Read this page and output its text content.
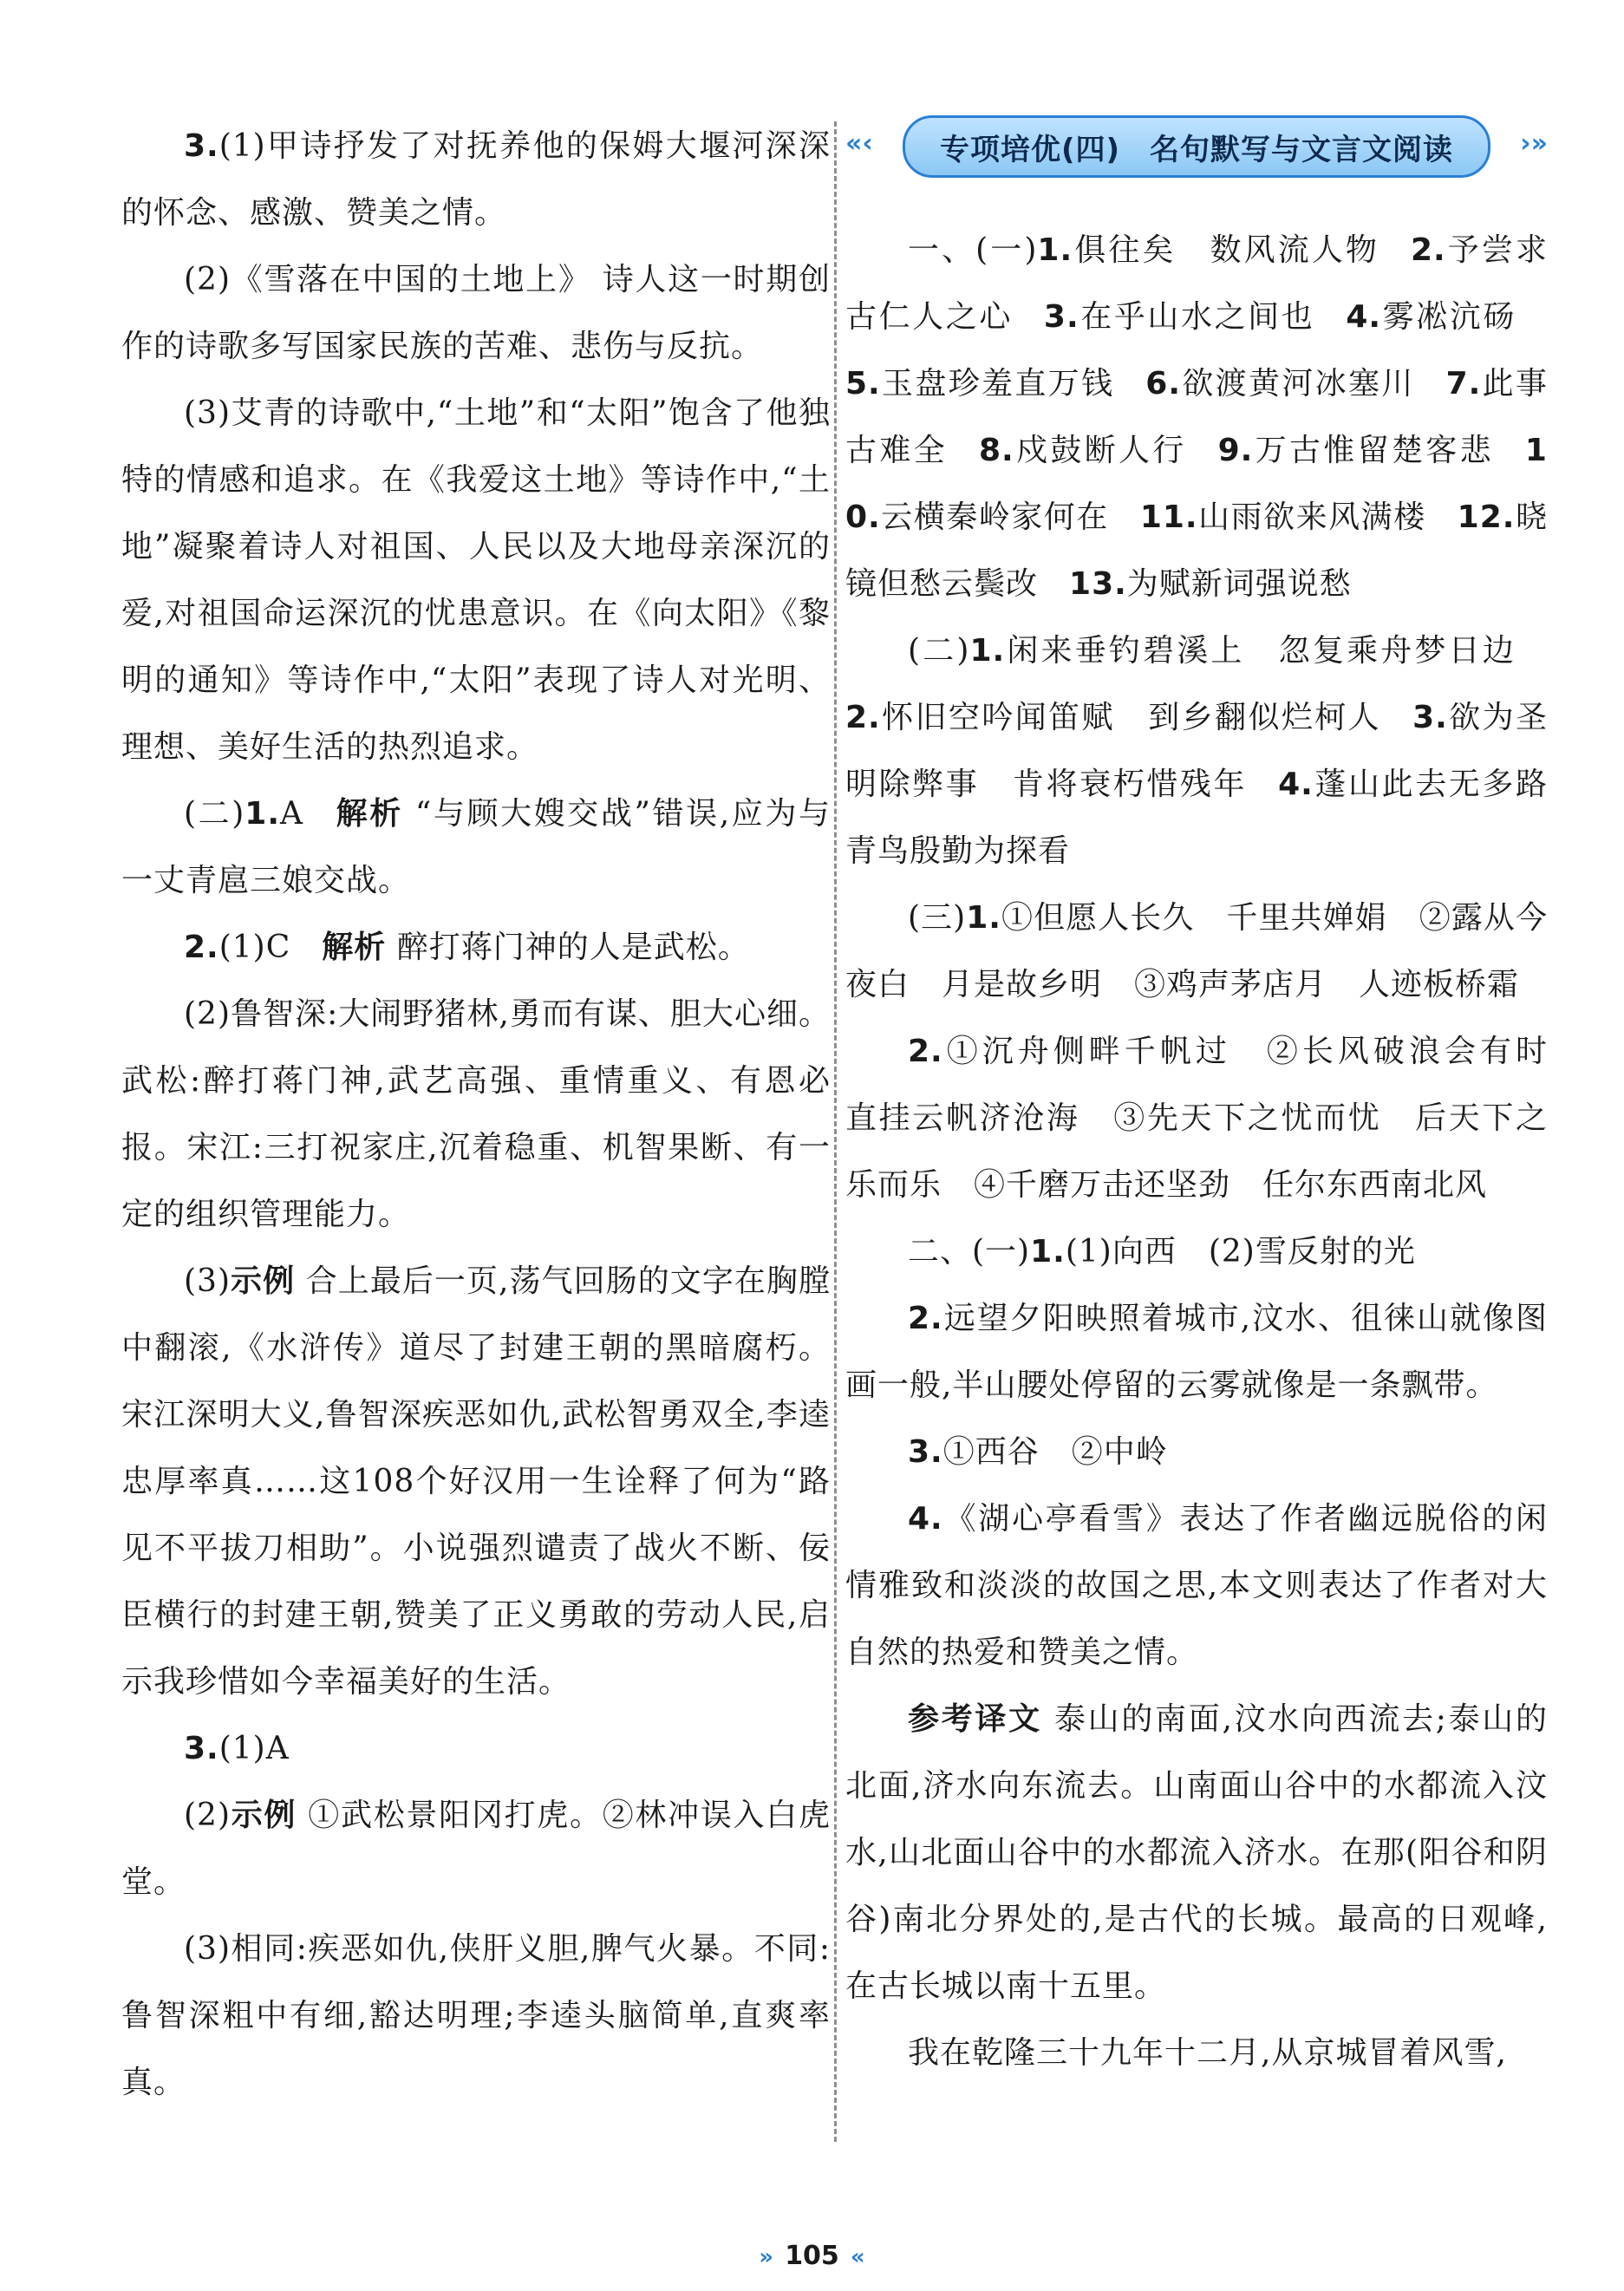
3.(1)甲诗抒发了对抚养他的保姆大堰河深深的怀念、感激、赞美之情。

(2)《雪落在中国的土地上》 诗人这一时期创作的诗歌多写国家民族的苦难、悲伤与反抗。

(3)艾青的诗歌中,“土地”和“太阳”饱含了他独特的情感和追求。在《我爱这土地》等诗作中,“土地”凝聚着诗人对祖国、人民以及大地母亲深沉的爱,对祖国命运深沉的忧患意识。在《向太阳》《黎明的通知》等诗作中,“太阳”表现了诗人对光明、理想、美好生活的热烈追求。

(二)1.A 解析 “与顾大嫂交战”错误,应为与一丈青扈三娘交战。

2.(1)C 解析 醉打蒋门神的人是武松。

(2)鲁智深:大闹野猪林,勇而有谋、胆大心细。武松:醉打蒋门神,武艺高强、重情重义、有恩必报。宋江:三打祝家庄,沉着稳重、机智果断、有一定的组织管理能力。

(3)示例 合上最后一页,荡气回肠的文字在胸膛中翻滚,《水浒传》道尽了封建王朝的黑暗腐朽。宋江深明大义,鲁智深疾恶如仇,武松智勇双全,李逵忠厚率真……这108个好汉用一生诠释了何为“路见不平拔刀相助”。小说强烈谴责了战火不断、佞臣横行的封建王朝,赞美了正义勇敢的劳动人民,启示我珍惜如今幸福美好的生活。

3.(1)A

(2)示例 ①武松景阳冈打虎。②林冲误入白虎堂。

(3)相同:疾恶如仇,侠肝义胆,脾气火暴。不同:鲁智深粗中有细,豁达明理;李逵头脑简单,直爽率真。

«‹ 专项培优(四) 名句默写与文言文阅读	›»

一、(一)1.俱往矣　数风流人物 2.予尝求古仁人之心 3.在乎山水之间也 4.雾凇沆砀5.玉盘珍羞直万钱 6.欲渡黄河冰塞川 7.此事古难全 8.戍鼓断人行 9.万古惟留楚客悲 10.云横秦岭家何在 11.山雨欲来风满楼 12.晓镜但愁云鬓改 13.为赋新词强说愁

(二)1.闲来垂钓碧溪上　忽复乘舟梦日边2.怀旧空吟闻笛赋　到乡翻似烂柯人 3.欲为圣明除弊事　肯将衰朽惜残年 4.蓬山此去无多路　青鸟殷勤为探看

(三)1.①但愿人长久　千里共婵娟　②露从今夜白　月是故乡明　③鸡声茅店月　人迹板桥霜

2.①沉舟侧畔千帆过　②长风破浪会有时　直挂云帆济沧海　③先天下之忧而忧　后天下之乐而乐　④千磨万击还坚劲　任尔东西南北风

二、(一)1.(1)向西　(2)雪反射的光

2.远望夕阳映照着城市,汶水、徂徕山就像图画一般,半山腰处停留的云雾就像是一条飘带。

3.①西谷　②中岭

4.《湖心亭看雪》表达了作者幽远脱俗的闲情雅致和淡淡的故国之思,本文则表达了作者对大自然的热爱和赞美之情。

参考译文 泰山的南面,汶水向西流去;泰山的北面,济水向东流去。山南面山谷中的水都流入汶水,山北面山谷中的水都流入济水。在那(阳谷和阴谷)南北分界处的,是古代的长城。最高的日观峰,在古长城以南十五里。

我在乾隆三十九年十二月,从京城冒着风雪,

» 105 «
